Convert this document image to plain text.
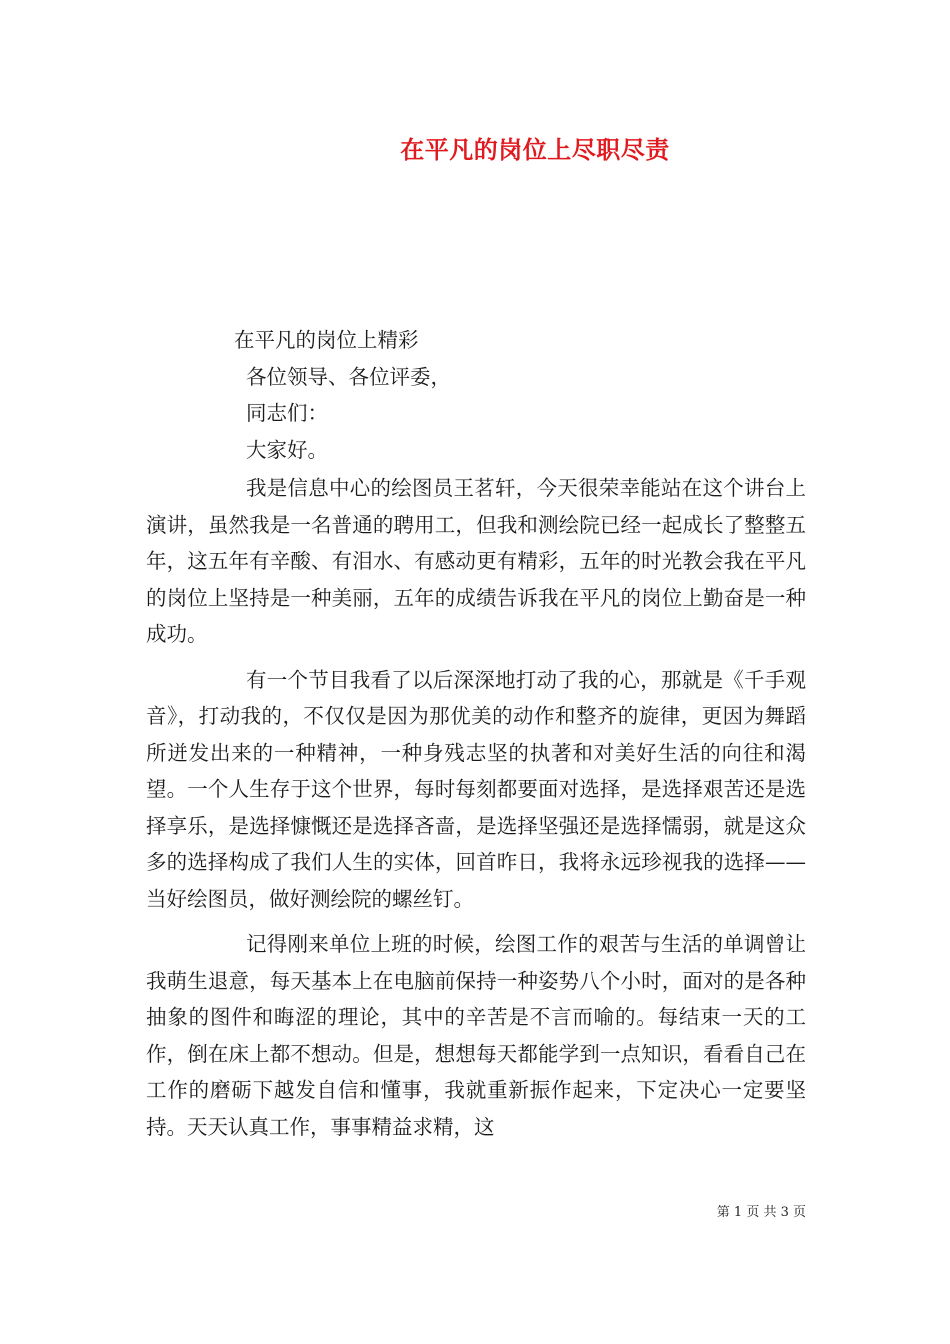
在平凡的岗位上尽职尽责

在平凡的岗位上精彩

各位领导、各位评委，

同志们：

大家好。

我是信息中心的绘图员王茗轩，今天很荣幸能站在这个讲台上演讲，虽然我是一名普通的聘用工，但我和测绘院已经一起成长了整整五年，这五年有辛酸、有泪水、有感动更有精彩，五年的时光教会我在平凡的岗位上坚持是一种美丽，五年的成绩告诉我在平凡的岗位上勤奋是一种成功。

有一个节目我看了以后深深地打动了我的心，那就是《千手观音》，打动我的，不仅仅是因为那优美的动作和整齐的旋律，更因为舞蹈所迸发出来的一种精神，一种身残志坚的执著和对美好生活的向往和渴望。一个人生存于这个世界，每时每刻都要面对选择，是选择艰苦还是选择享乐，是选择慷慨还是选择吝啬，是选择坚强还是选择懦弱，就是这众多的选择构成了我们人生的实体，回首昨日，我将永远珍视我的选择——当好绘图员，做好测绘院的螺丝钉。

记得刚来单位上班的时候，绘图工作的艰苦与生活的单调曾让我萌生退意，每天基本上在电脑前保持一种姿势八个小时，面对的是各种抽象的图件和晦涩的理论，其中的辛苦是不言而喻的。每结束一天的工作，倒在床上都不想动。但是，想想每天都能学到一点知识，看看自己在工作的磨砺下越发自信和懂事，我就重新振作起来，下定决心一定要坚持。天天认真工作，事事精益求精，这

第 1 页 共 3 页
